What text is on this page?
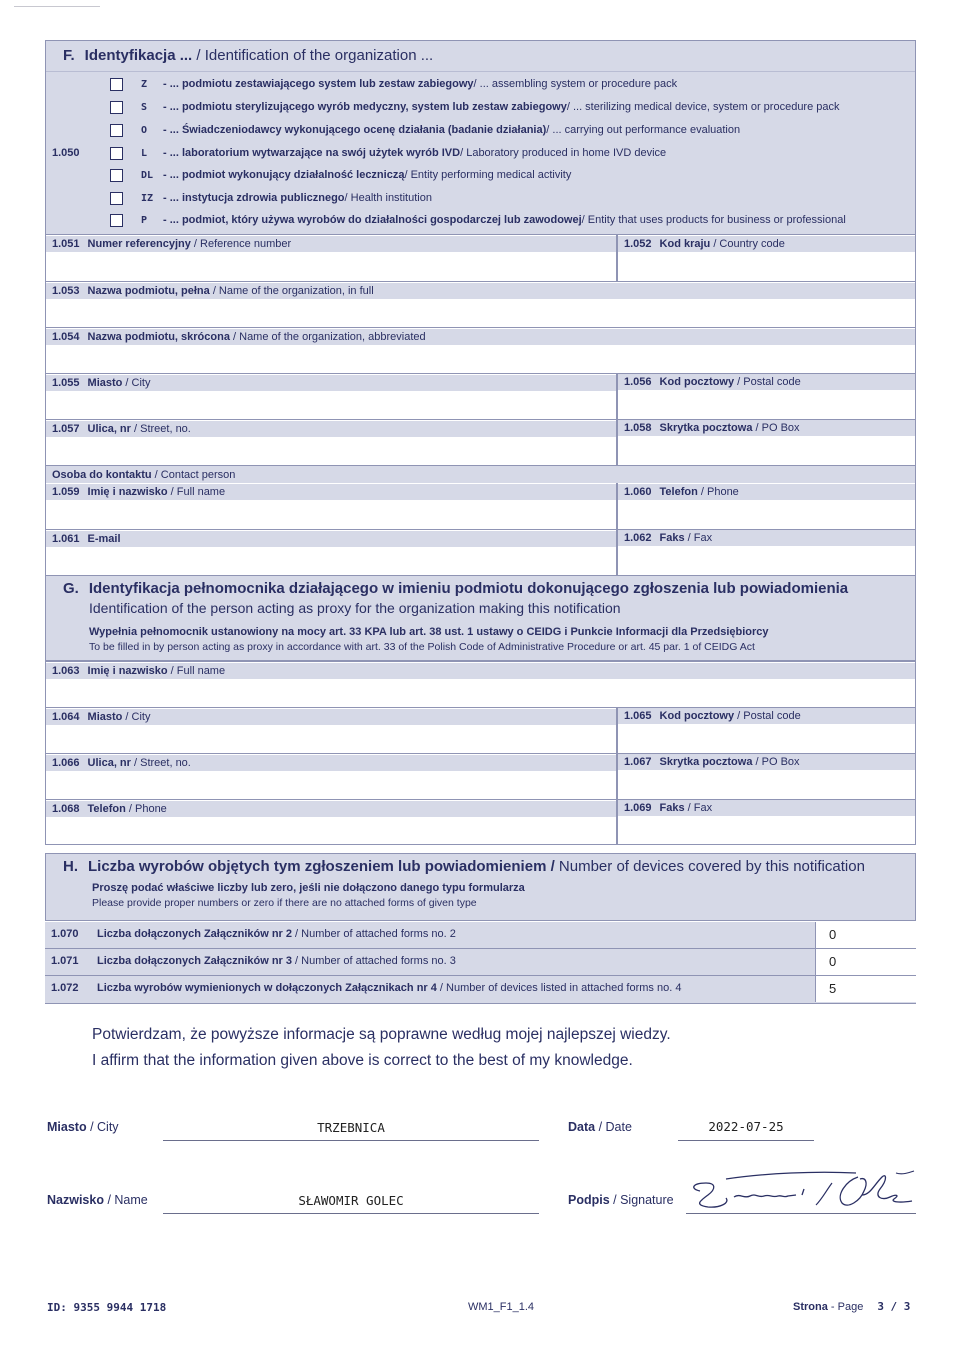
F. Identyfikacja ... / Identification of the organization ...
1.050
Z	- ... podmiotu zestawiającego system lub zestaw zabiegowy / ... assembling system or procedure pack
S	- ... podmiotu sterylizującego wyrób medyczny, system lub zestaw zabiegowy / ... sterilizing medical device, system or procedure pack
O	- ... Świadczeniodawcy wykonującego ocenę działania (badanie działania) / ... carrying out performance evaluation
L	- ... laboratorium wytwarzające na swój użytek wyrób IVD / Laboratory produced in home IVD device
DL - ... podmiot wykonujący działalność leczniczą / Entity performing medical activity
IZ - ... instytucja zdrowia publicznego / Health institution
P	- ... podmiot, który używa wyrobów do działalności gospodarczej lub zawodowej / Entity that uses products for business or professional
1.051 Numer referencyjny / Reference number	1.052 Kod kraju / Country code
1.053 Nazwa podmiotu, pełna / Name of the organization, in full
1.054 Nazwa podmiotu, skrócona / Name of the organization, abbreviated
1.055 Miasto / City	1.056 Kod pocztowy / Postal code
1.057 Ulica, nr / Street, no.	1.058 Skrytka pocztowa / PO Box
Osoba do kontaktu / Contact person
1.059 Imię i nazwisko / Full name	1.060 Telefon / Phone
1.061 E-mail	1.062 Faks / Fax
G. Identyfikacja pełnomocnika działającego w imieniu podmiotu dokonującego zgłoszenia lub powiadomienia
Identification of the person acting as proxy for the organization making this notification
Wypełnia pełnomocnik ustanowiony na mocy art. 33 KPA lub art. 38 ust. 1 ustawy o CEIDG i Punkcie Informacji dla Przedsiębiorcy
To be filled in by person acting as proxy in accordance with art. 33 of the Polish Code of Administrative Procedure or art. 45 par. 1 of CEIDG Act
1.063 Imię i nazwisko / Full name
1.064 Miasto / City	1.065 Kod pocztowy / Postal code
1.066 Ulica, nr / Street, no.	1.067 Skrytka pocztowa / PO Box
1.068 Telefon / Phone	1.069 Faks / Fax
H. Liczba wyrobów objętych tym zgłoszeniem lub powiadomieniem / Number of devices covered by this notification
Proszę podać właściwe liczby lub zero, jeśli nie dołączono danego typu formularza
Please provide proper numbers or zero if there are no attached forms of given type
1.070 Liczba dołączonych Załączników nr 2 / Number of attached forms no. 2	0
1.071 Liczba dołączonych Załączników nr 3 / Number of attached forms no. 3	0
1.072 Liczba wyrobów wymienionych w dołączonych Załącznikach nr 4 / Number of devices listed in attached forms no. 4	5
Potwierdzam, że powyższe informacje są poprawne według mojej najlepszej wiedzy.
I affirm that the information given above is correct to the best of my knowledge.
Miasto / City	TRZEBNICA	Data / Date	2022-07-25
Nazwisko / Name	SŁAWOMIR GOLEC	Podpis / Signature
ID: 9355 9944 1718	WM1_F1_1.4	Strona - Page 3 / 3
